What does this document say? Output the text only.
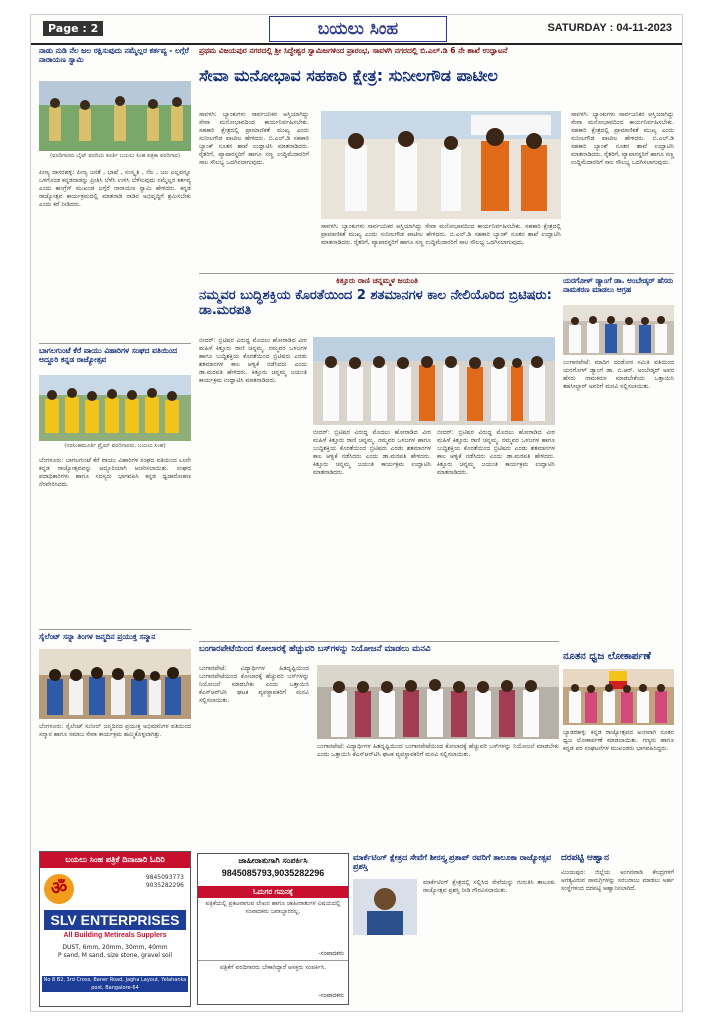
Page : 2	ಬಯಲು ಸಿಂಹ	SATURDAY : 04-11-2023
ನಾಡು ನುಡಿ ನೆಲ ಜಲ ರಕ್ಷಿಸುವುದು ನಮ್ಮೆಲ್ಲರ ಕರ್ತವ್ಯ - ಲಗ್ಗೆರೆ ನಾರಾಯಣ ಸ್ವಾಮಿ
(ವರದಿಗಾರರು ಬೈಟ್ ವರದಿಯ ಕೂರ್ತಿ ಬಯಲು ಸಿಂಹ ಪತ್ರಿಕಾ ವರದಿಗಾರ)
ಪೀಣ್ಯ ದಾಸರಹಳ್ಳಿ: ಪೀಣ್ಯ ಜನತೆ , ಭಾಷೆ , ಸಂಸ್ಕೃತಿ , ನೆಲ , ಜಲ ಎಲ್ಲವನ್ನೂ ಒಳಗೊಂಡ ಕನ್ನಡನಾಡನ್ನು ಪ್ರೀತಿಸಿ ಬೆಳೆಸಿ ಉಳಿಸಿ ಬೆಳೆಸುವುದು ನಮ್ಮೆಲ್ಲರ ಕರ್ತವ್ಯ ಎಂದು ಕಾಂಗ್ರೆಸ್ ಮುಖಂಡ ಲಗ್ಗೆರೆ ನಾರಾಯಣ ಸ್ವಾಮಿ ಹೇಳಿದರು. ಕನ್ನಡ ರಾಜ್ಯೋತ್ಸವ ಕಾರ್ಯಕ್ರಮದಲ್ಲಿ ಮಾತನಾಡಿ ನಾಡಿನ ಅಭಿವೃದ್ಧಿಗೆ ಶ್ರಮಿಸಬೇಕು ಎಂದು ಕರೆ ನೀಡಿದರು.
ಬಾಗಲಗುಂಟೆ ಕೆರೆ ವಾಯು ವಿಹಾರಿಗಳ ಸಂಘದ ವತಿಯಿಂದ ಅದ್ದೂರಿ ಕನ್ನಡ ರಾಜ್ಯೋತ್ಸವ
(ನರಸಿಂಹಮೂರ್ತಿ ಪ್ರೈಮ್ ವರದಿಗಾರರು, ಬಯಲು ಸಿಂಹ)
ಬೆಂಗಳೂರು: ಬಾಗಲಗುಂಟೆ ಕೆರೆ ವಾಯು ವಿಹಾರಿಗಳ ಸಂಘದ ವತಿಯಿಂದ ೬೮ನೇ ಕನ್ನಡ ರಾಜ್ಯೋತ್ಸವವನ್ನು ಅದ್ದೂರಿಯಾಗಿ ಆಚರಿಸಲಾಯಿತು. ಸಂಘದ ಪದಾಧಿಕಾರಿಗಳು ಹಾಗೂ ಸದಸ್ಯರು ಭಾಗವಹಿಸಿ ಕನ್ನಡ ಧ್ವಜಾರೋಹಣ ನೆರವೇರಿಸಿದರು.
ಸೈಲೆಂಟ್ ಸನ್ನಾ ತಿಂಗಳ ಜನ್ಮದಿನ ಪ್ರಯುಕ್ತ ಸನ್ಮಾನ
ಬೆಂಗಳೂರು: ಸೈಲೆಂಟ್ ಸುನೀಲ್ ಜನ್ಮದಿನದ ಪ್ರಯುಕ್ತ ಅಭಿಮಾನಿಗಳ ವತಿಯಿಂದ ಸನ್ಮಾನ ಹಾಗೂ ಸಮಾಜ ಸೇವಾ ಕಾರ್ಯಕ್ರಮ ಹಮ್ಮಿಕೊಳ್ಳಲಾಗಿತ್ತು.
ಬಯಲು ಸಿಂಹ ಪತ್ರಿಕೆ ದಿನಾಚಾರಿ ಓದಿರಿ
ॐ
9845093773
9035282296
SLV ENTERPRISES
All Building Metireals Supplers
DUST, 6mm, 20mm, 30mm, 40mm
P sand, M sand, size stone, gravel soil
No 8 B2, 3rd Cross, Baner Road, Jagha Layout, Yelahanka post, Bangalore-64
ಪ್ರಥಮ ವಿಜಯಪುರ ನಗರದಲ್ಲಿ ಶ್ರೀ ಸಿದ್ಧೇಶ್ವರ ಸ್ವಾಮಿಜಗಳಿಂದ ಪ್ರಾರಂಭ, ಸಾವಳಗಿ ನಗರದಲ್ಲಿ ಬಿ.ಎಲ್.ಡಿ 6 ನೇ ಶಾಖೆ ಉದ್ಘಾಟನೆ
ಸೇವಾ ಮನೋಭಾವ ಸಹಕಾರಿ ಕ್ಷೇತ್ರ: ಸುನೀಲಗೌಡ ಪಾಟೀಲ
ಸಾವಳಗಿ: ಬ್ಯಾಂಕುಗಳು ಸಾರ್ವಜನಿಕರ ಆಸ್ತಿಯಾಗಿದ್ದು ಸೇವಾ ಮನೋಭಾವದಿಂದ ಕಾರ್ಯನಿರ್ವಹಿಸಬೇಕು. ಸಹಕಾರಿ ಕ್ಷೇತ್ರದಲ್ಲಿ ಪ್ರಾಮಾಣಿಕತೆ ಮುಖ್ಯ ಎಂದು ಸುನೀಲಗೌಡ ಪಾಟೀಲ ಹೇಳಿದರು. ಬಿ.ಎಲ್.ಡಿ ಸಹಕಾರಿ ಬ್ಯಾಂಕ್ ನೂತನ ಶಾಖೆ ಉದ್ಘಾಟಿಸಿ ಮಾತನಾಡಿದರು. ರೈತರಿಗೆ, ವ್ಯಾಪಾರಸ್ಥರಿಗೆ ಹಾಗೂ ಸಣ್ಣ ಉದ್ದಿಮೆದಾರರಿಗೆ ಸಾಲ ಸೌಲಭ್ಯ ಒದಗಿಸಲಾಗುವುದು.
ಸಾವಳಗಿ: ಬ್ಯಾಂಕುಗಳು ಸಾರ್ವಜನಿಕರ ಆಸ್ತಿಯಾಗಿದ್ದು ಸೇವಾ ಮನೋಭಾವದಿಂದ ಕಾರ್ಯನಿರ್ವಹಿಸಬೇಕು. ಸಹಕಾರಿ ಕ್ಷೇತ್ರದಲ್ಲಿ ಪ್ರಾಮಾಣಿಕತೆ ಮುಖ್ಯ ಎಂದು ಸುನೀಲಗೌಡ ಪಾಟೀಲ ಹೇಳಿದರು. ಬಿ.ಎಲ್.ಡಿ ಸಹಕಾರಿ ಬ್ಯಾಂಕ್ ನೂತನ ಶಾಖೆ ಉದ್ಘಾಟಿಸಿ ಮಾತನಾಡಿದರು. ರೈತರಿಗೆ, ವ್ಯಾಪಾರಸ್ಥರಿಗೆ ಹಾಗೂ ಸಣ್ಣ ಉದ್ದಿಮೆದಾರರಿಗೆ ಸಾಲ ಸೌಲಭ್ಯ ಒದಗಿಸಲಾಗುವುದು.
ಸಾವಳಗಿ: ಬ್ಯಾಂಕುಗಳು ಸಾರ್ವಜನಿಕರ ಆಸ್ತಿಯಾಗಿದ್ದು ಸೇವಾ ಮನೋಭಾವದಿಂದ ಕಾರ್ಯನಿರ್ವಹಿಸಬೇಕು. ಸಹಕಾರಿ ಕ್ಷೇತ್ರದಲ್ಲಿ ಪ್ರಾಮಾಣಿಕತೆ ಮುಖ್ಯ ಎಂದು ಸುನೀಲಗೌಡ ಪಾಟೀಲ ಹೇಳಿದರು. ಬಿ.ಎಲ್.ಡಿ ಸಹಕಾರಿ ಬ್ಯಾಂಕ್ ನೂತನ ಶಾಖೆ ಉದ್ಘಾಟಿಸಿ ಮಾತನಾಡಿದರು. ರೈತರಿಗೆ, ವ್ಯಾಪಾರಸ್ಥರಿಗೆ ಹಾಗೂ ಸಣ್ಣ ಉದ್ದಿಮೆದಾರರಿಗೆ ಸಾಲ ಸೌಲಭ್ಯ ಒದಗಿಸಲಾಗುವುದು.
ಕಿತ್ತೂರು ರಾಣಿ ಚನ್ನಮ್ಮಳ ಜಯಂತಿ
ನಮ್ಮವರ ಬುದ್ಧಿಶಕ್ತಿಯ ಕೊರತೆಯಿಂದ 2 ಶತಮಾನಗಳ ಕಾಲ ನೇಲಿಯೊರಿದ ಬ್ರಿಟಿಷರು: ಡಾ.ಮರಪತಿ
ಬೀದರ್: ಬ್ರಿಟಿಷರ ವಿರುದ್ಧ ಮೊದಲು ಹೋರಾಡಿದ ವೀರ ಮಹಿಳೆ ಕಿತ್ತೂರು ರಾಣಿ ಚನ್ನಮ್ಮ. ನಮ್ಮವರ ಒಳಜಗಳ ಹಾಗೂ ಬುದ್ಧಿಶಕ್ತಿಯ ಕೊರತೆಯಿಂದ ಬ್ರಿಟಿಷರು ಎರಡು ಶತಮಾನಗಳ ಕಾಲ ಆಳ್ವಿಕೆ ನಡೆಸಿದರು ಎಂದು ಡಾ.ಮರಪತಿ ಹೇಳಿದರು. ಕಿತ್ತೂರು ಚನ್ನಮ್ಮ ಜಯಂತಿ ಕಾರ್ಯಕ್ರಮ ಉದ್ಘಾಟಿಸಿ ಮಾತನಾಡಿದರು.
ಬೀದರ್: ಬ್ರಿಟಿಷರ ವಿರುದ್ಧ ಮೊದಲು ಹೋರಾಡಿದ ವೀರ ಮಹಿಳೆ ಕಿತ್ತೂರು ರಾಣಿ ಚನ್ನಮ್ಮ. ನಮ್ಮವರ ಒಳಜಗಳ ಹಾಗೂ ಬುದ್ಧಿಶಕ್ತಿಯ ಕೊರತೆಯಿಂದ ಬ್ರಿಟಿಷರು ಎರಡು ಶತಮಾನಗಳ ಕಾಲ ಆಳ್ವಿಕೆ ನಡೆಸಿದರು ಎಂದು ಡಾ.ಮರಪತಿ ಹೇಳಿದರು. ಕಿತ್ತೂರು ಚನ್ನಮ್ಮ ಜಯಂತಿ ಕಾರ್ಯಕ್ರಮ ಉದ್ಘಾಟಿಸಿ ಮಾತನಾಡಿದರು.
ಬೀದರ್: ಬ್ರಿಟಿಷರ ವಿರುದ್ಧ ಮೊದಲು ಹೋರಾಡಿದ ವೀರ ಮಹಿಳೆ ಕಿತ್ತೂರು ರಾಣಿ ಚನ್ನಮ್ಮ. ನಮ್ಮವರ ಒಳಜಗಳ ಹಾಗೂ ಬುದ್ಧಿಶಕ್ತಿಯ ಕೊರತೆಯಿಂದ ಬ್ರಿಟಿಷರು ಎರಡು ಶತಮಾನಗಳ ಕಾಲ ಆಳ್ವಿಕೆ ನಡೆಸಿದರು ಎಂದು ಡಾ.ಮರಪತಿ ಹೇಳಿದರು. ಕಿತ್ತೂರು ಚನ್ನಮ್ಮ ಜಯಂತಿ ಕಾರ್ಯಕ್ರಮ ಉದ್ಘಾಟಿಸಿ ಮಾತನಾಡಿದರು.
ಯರಗೋಳ್ ಡ್ಯಾಂಗೆ ಡಾ. ಅಂಬೇಡ್ಕರ್ ಹೆಸರು ನಾಮಕರಣ ಮಾಡಲು ಆಗ್ರಹ
ಬಂಗಾರಪೇಟೆ: ಮಾದಿಗ ದಂಡೋರ ಸಮಿತಿ ವತಿಯಿಂದ ಯರಗೋಳ್ ಡ್ಯಾಂಗೆ ಡಾ. ಬಿ.ಆರ್. ಅಂಬೇಡ್ಕರ್ ಅವರ ಹೆಸರು ನಾಮಕರಣ ಮಾಡಬೇಕೆಂದು ಒತ್ತಾಯಿಸಿ ತಹಸೀಲ್ದಾರ್ ಅವರಿಗೆ ಮನವಿ ಸಲ್ಲಿಸಲಾಯಿತು.
ಬಂಗಾರಪೇಟೆಯಿಂದ ಕೋಲಾರಕ್ಕೆ ಹೆಚ್ಚುವರಿ ಬಸ್‌ಗಳನ್ನು ನಿಯೋಜನೆ ಮಾಡಲು ಮನವಿ
ಬಂಗಾರಪೇಟೆ: ವಿದ್ಯಾರ್ಥಿಗಳ ಹಿತದೃಷ್ಟಿಯಿಂದ ಬಂಗಾರಪೇಟೆಯಿಂದ ಕೋಲಾರಕ್ಕೆ ಹೆಚ್ಚುವರಿ ಬಸ್‌ಗಳನ್ನು ನಿಯೋಜನೆ ಮಾಡಬೇಕು ಎಂದು ಒತ್ತಾಯಿಸಿ ಕೆಎಸ್‌ಆರ್‌ಟಿಸಿ ಘಟಕ ವ್ಯವಸ್ಥಾಪಕರಿಗೆ ಮನವಿ ಸಲ್ಲಿಸಲಾಯಿತು.
ಬಂಗಾರಪೇಟೆ: ವಿದ್ಯಾರ್ಥಿಗಳ ಹಿತದೃಷ್ಟಿಯಿಂದ ಬಂಗಾರಪೇಟೆಯಿಂದ ಕೋಲಾರಕ್ಕೆ ಹೆಚ್ಚುವರಿ ಬಸ್‌ಗಳನ್ನು ನಿಯೋಜನೆ ಮಾಡಬೇಕು ಎಂದು ಒತ್ತಾಯಿಸಿ ಕೆಎಸ್‌ಆರ್‌ಟಿಸಿ ಘಟಕ ವ್ಯವಸ್ಥಾಪಕರಿಗೆ ಮನವಿ ಸಲ್ಲಿಸಲಾಯಿತು.
ನೂತನ ಧ್ವಜ ಲೋಕಾರ್ಪಣೆ
ಬ್ಯಾಡರಹಳ್ಳಿ: ಕನ್ನಡ ರಾಜ್ಯೋತ್ಸವದ ಅಂಗವಾಗಿ ನೂತನ ಧ್ವಜ ಲೋಕಾರ್ಪಣೆ ಮಾಡಲಾಯಿತು. ಗಣ್ಯರು ಹಾಗೂ ಕನ್ನಡ ಪರ ಸಂಘಟನೆಗಳ ಮುಖಂಡರು ಭಾಗವಹಿಸಿದ್ದರು.
ಜಾಹೀರಾತುಗಾಗಿ ಸಂಪರ್ಕಿಸಿ
9845085793,9035282296
ಓದುಗರ ಗಮನಕ್ಕೆ
ಪತ್ರಿಕೆಯಲ್ಲಿ ಪ್ರಕಟವಾಗುವ ಲೇಖನ ಹಾಗೂ ಜಾಹೀರಾತುಗಳ ವಿಷಯದಲ್ಲಿ ಸಂಪಾದಕರು ಜವಾಬ್ದಾರರಲ್ಲ.
-ಸಂಪಾದಕರು
ಪತ್ರಿಕೆಗೆ ವರದಿಗಾರರು ಬೇಕಾಗಿದ್ದಾರೆ ಆಸಕ್ತರು ಸಂಪರ್ಕಿಸಿ.
-ಸಂಪಾದಕರು
ಮಾರ್ಕೆಟಿಂಗ್ ಕ್ಷೇತ್ರದ ಸೇವೆಗೆ ಶೀರಸ್ತ್ಯ ಪ್ರತಾಪ್ ರವರಿಗೆ ತಾಲೂಕಾ ರಾಜ್ಯೋತ್ಸವ ಪ್ರಶಸ್ತಿ
ಮಾರ್ಕೆಟಿಂಗ್ ಕ್ಷೇತ್ರದಲ್ಲಿ ಸಲ್ಲಿಸಿದ ಸೇವೆಯನ್ನು ಗುರುತಿಸಿ ತಾಲೂಕು ರಾಜ್ಯೋತ್ಸವ ಪ್ರಶಸ್ತಿ ನೀಡಿ ಗೌರವಿಸಲಾಯಿತು.
ದರಪಟ್ಟಿ ಆಹ್ವಾನ
ವಿಜಯಪುರ: ಜಿಲ್ಲೆಯ ಅಂಗನವಾಡಿ ಕೇಂದ್ರಗಳಿಗೆ ಅಗತ್ಯವಿರುವ ಸಾಮಗ್ರಿಗಳನ್ನು ಸರಬರಾಜು ಮಾಡಲು ಅರ್ಹ ಸಂಸ್ಥೆಗಳಿಂದ ದರಪಟ್ಟಿ ಆಹ್ವಾನಿಸಲಾಗಿದೆ.
